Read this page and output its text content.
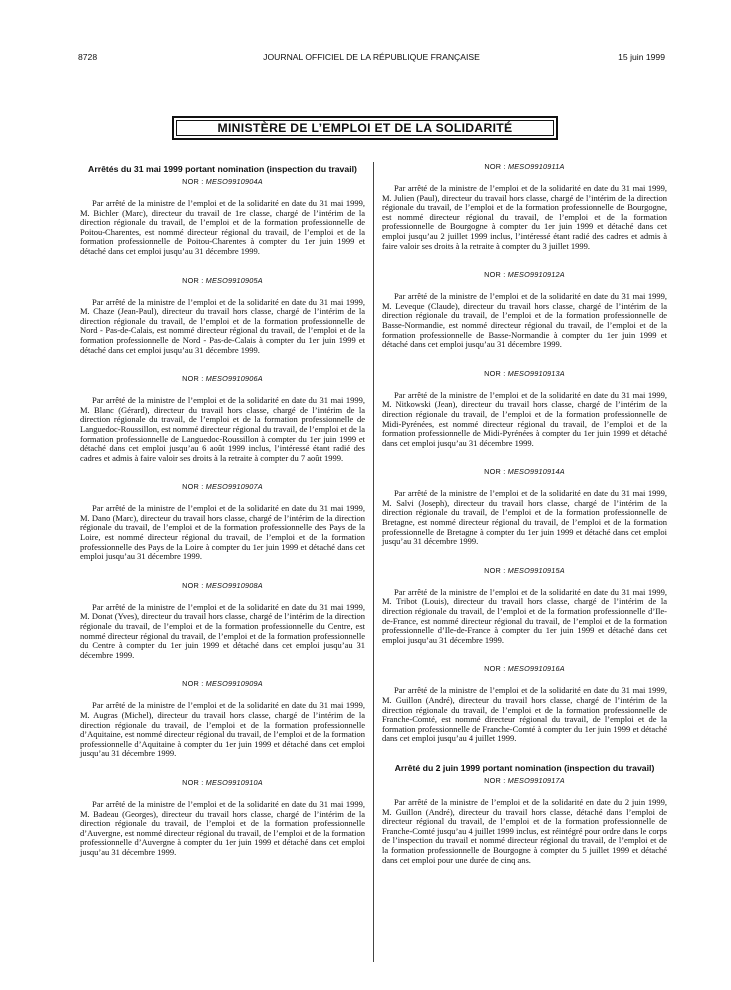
8728	JOURNAL OFFICIEL DE LA RÉPUBLIQUE FRANÇAISE	15 juin 1999
MINISTÈRE DE L’EMPLOI ET DE LA SOLIDARITÉ
Arrêtés du 31 mai 1999 portant nomination (inspection du travail)

NOR : MESO9910904A

Par arrêté de la ministre de l’emploi et de la solidarité en date du 31 mai 1999, M. Bichler (Marc), directeur du travail de 1re classe, chargé de l’intérim de la direction régionale du travail, de l’emploi et de la formation professionnelle de Poitou-Charentes, est nommé directeur régional du travail, de l’emploi et de la formation professionnelle de Poitou-Charentes à compter du 1er juin 1999 et détaché dans cet emploi jusqu’au 31 décembre 1999.

NOR : MESO9910905A

Par arrêté de la ministre de l’emploi et de la solidarité en date du 31 mai 1999, M. Chaze (Jean-Paul), directeur du travail hors classe, chargé de l’intérim de la direction régionale du travail, de l’emploi et de la formation professionnelle de Nord - Pas-de-Calais, est nommé directeur régional du travail, de l’emploi et de la formation professionnelle de Nord - Pas-de-Calais à compter du 1er juin 1999 et détaché dans cet emploi jusqu’au 31 décembre 1999.

NOR : MESO9910906A

Par arrêté de la ministre de l’emploi et de la solidarité en date du 31 mai 1999, M. Blanc (Gérard), directeur du travail hors classe, chargé de l’intérim de la direction régionale du travail, de l’emploi et de la formation professionnelle de Languedoc-Roussillon, est nommé directeur régional du travail, de l’emploi et de la formation professionnelle de Languedoc-Roussillon à compter du 1er juin 1999 et détaché dans cet emploi jusqu’au 6 août 1999 inclus, l’intéressé étant radié des cadres et admis à faire valoir ses droits à la retraite à compter du 7 août 1999.

NOR : MESO9910907A

Par arrêté de la ministre de l’emploi et de la solidarité en date du 31 mai 1999, M. Dano (Marc), directeur du travail hors classe, chargé de l’intérim de la direction régionale du travail, de l’emploi et de la formation professionnelle des Pays de la Loire, est nommé directeur régional du travail, de l’emploi et de la formation professionnelle des Pays de la Loire à compter du 1er juin 1999 et détaché dans cet emploi jusqu’au 31 décembre 1999.

NOR : MESO9910908A

Par arrêté de la ministre de l’emploi et de la solidarité en date du 31 mai 1999, M. Donat (Yves), directeur du travail hors classe, chargé de l’intérim de la direction régionale du travail, de l’emploi et de la formation professionnelle du Centre, est nommé directeur régional du travail, de l’emploi et de la formation professionnelle du Centre à compter du 1er juin 1999 et détaché dans cet emploi jusqu’au 31 décembre 1999.

NOR : MESO9910909A

Par arrêté de la ministre de l’emploi et de la solidarité en date du 31 mai 1999, M. Augras (Michel), directeur du travail hors classe, chargé de l’intérim de la direction régionale du travail, de l’emploi et de la formation professionnelle d’Aquitaine, est nommé directeur régional du travail, de l’emploi et de la formation professionnelle d’Aquitaine à compter du 1er juin 1999 et détaché dans cet emploi jusqu’au 31 décembre 1999.

NOR : MESO9910910A

Par arrêté de la ministre de l’emploi et de la solidarité en date du 31 mai 1999, M. Badeau (Georges), directeur du travail hors classe, chargé de l’intérim de la direction régionale du travail, de l’emploi et de la formation professionnelle d’Auvergne, est nommé directeur régional du travail, de l’emploi et de la formation professionnelle d’Auvergne à compter du 1er juin 1999 et détaché dans cet emploi jusqu’au 31 décembre 1999.

NOR : MESO9910911A

Par arrêté de la ministre de l’emploi et de la solidarité en date du 31 mai 1999, M. Julien (Paul), directeur du travail hors classe, chargé de l’intérim de la direction régionale du travail, de l’emploi et de la formation professionnelle de Bourgogne, est nommé directeur régional du travail, de l’emploi et de la formation professionnelle de Bourgogne à compter du 1er juin 1999 et détaché dans cet emploi jusqu’au 2 juillet 1999 inclus, l’intéressé étant radié des cadres et admis à faire valoir ses droits à la retraite à compter du 3 juillet 1999.

NOR : MESO9910912A

Par arrêté de la ministre de l’emploi et de la solidarité en date du 31 mai 1999, M. Leveque (Claude), directeur du travail hors classe, chargé de l’intérim de la direction régionale du travail, de l’emploi et de la formation professionnelle de Basse-Normandie, est nommé directeur régional du travail, de l’emploi et de la formation professionnelle de Basse-Normandie à compter du 1er juin 1999 et détaché dans cet emploi jusqu’au 31 décembre 1999.

NOR : MESO9910913A

Par arrêté de la ministre de l’emploi et de la solidarité en date du 31 mai 1999, M. Nitkowski (Jean), directeur du travail hors classe, chargé de l’intérim de la direction régionale du travail, de l’emploi et de la formation professionnelle de Midi-Pyrénées, est nommé directeur régional du travail, de l’emploi et de la formation professionnelle de Midi-Pyrénées à compter du 1er juin 1999 et détaché dans cet emploi jusqu’au 31 décembre 1999.

NOR : MESO9910914A

Par arrêté de la ministre de l’emploi et de la solidarité en date du 31 mai 1999, M. Salvi (Joseph), directeur du travail hors classe, chargé de l’intérim de la direction régionale du travail, de l’emploi et de la formation professionnelle de Bretagne, est nommé directeur régional du travail, de l’emploi et de la formation professionnelle de Bretagne à compter du 1er juin 1999 et détaché dans cet emploi jusqu’au 31 décembre 1999.

NOR : MESO9910915A

Par arrêté de la ministre de l’emploi et de la solidarité en date du 31 mai 1999, M. Tribot (Louis), directeur du travail hors classe, chargé de l’intérim de la direction régionale du travail, de l’emploi et de la formation professionnelle d’Ile-de-France, est nommé directeur régional du travail, de l’emploi et de la formation professionnelle d’Ile-de-France à compter du 1er juin 1999 et détaché dans cet emploi jusqu’au 31 décembre 1999.

NOR : MESO9910916A

Par arrêté de la ministre de l’emploi et de la solidarité en date du 31 mai 1999, M. Guillon (André), directeur du travail hors classe, chargé de l’intérim de la direction régionale du travail, de l’emploi et de la formation professionnelle de Franche-Comté, est nommé directeur régional du travail, de l’emploi et de la formation professionnelle de Franche-Comté à compter du 1er juin 1999 et détaché dans cet emploi jusqu’au 4 juillet 1999.

Arrêté du 2 juin 1999 portant nomination (inspection du travail)

NOR : MESO9910917A

Par arrêté de la ministre de l’emploi et de la solidarité en date du 2 juin 1999, M. Guillon (André), directeur du travail hors classe, détaché dans l’emploi de directeur régional du travail, de l’emploi et de la formation professionnelle de Franche-Comté jusqu’au 4 juillet 1999 inclus, est réintégré pour ordre dans le corps de l’inspection du travail et nommé directeur régional du travail, de l’emploi et de la formation professionnelle de Bourgogne à compter du 5 juillet 1999 et détaché dans cet emploi pour une durée de cinq ans.
